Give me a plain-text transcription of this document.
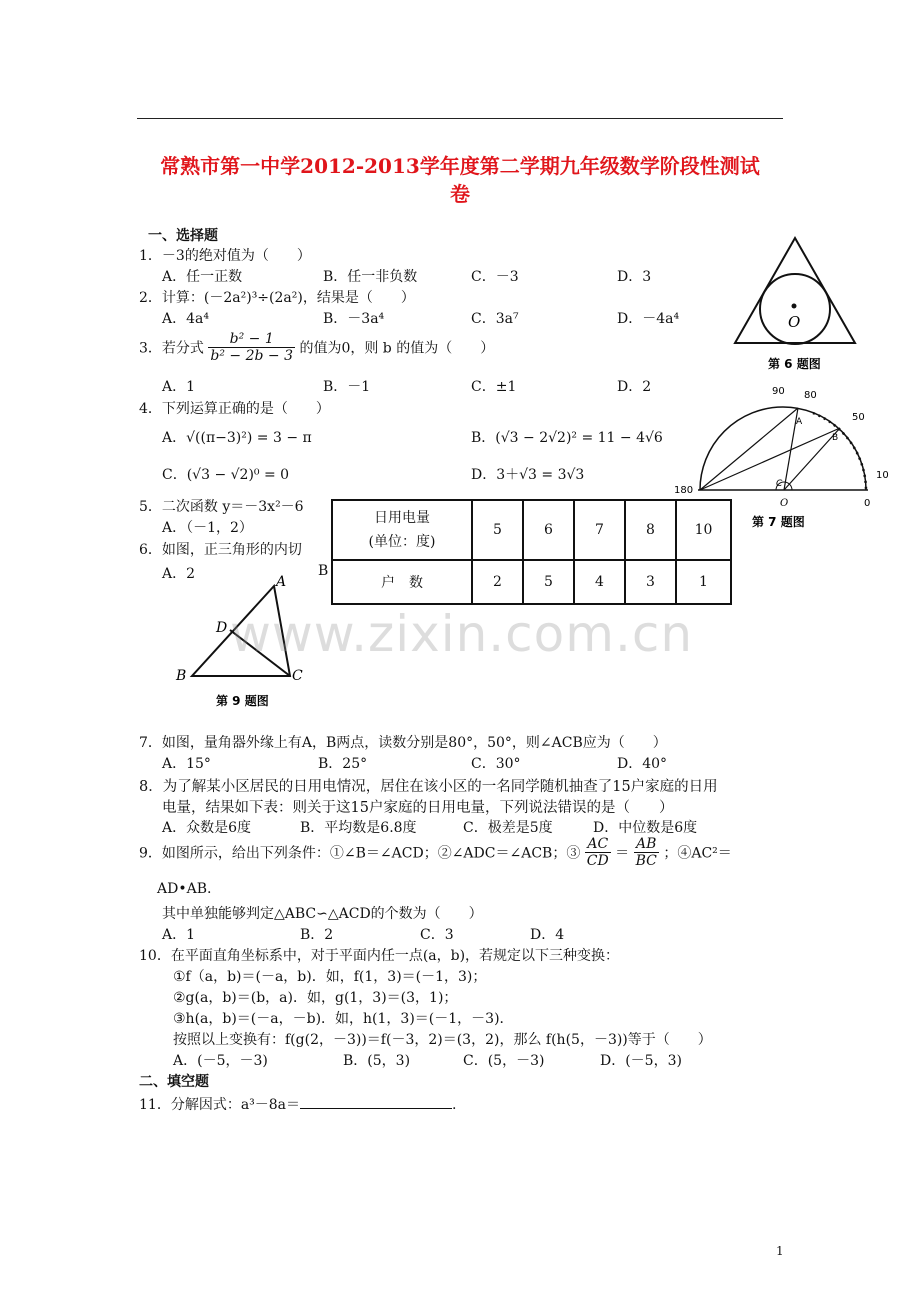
常熟市第一中学2012-2013学年度第二学期九年级数学阶段性测试
卷
一、选择题
1．－3的绝对值为（　　）
A．任一正数	B．任一非负数	C．－3	D．3
2．计算：(－2a²)³÷(2a²)，结果是（　　）
A．4a⁴	B．－3a⁴	C．3a⁷	D．－4a⁴
3．若分式 $\frac{\text{b² − 1}}{\text{b² − 2b − 3}}$ 的值为0，则 b 的值为（　　）
A．1	B．－1	C．±1	D．2
4．下列运算正确的是（　　）
A．√((π−3)²) = 3 − π	B．(√3 − 2√2)² = 11 − 4√6
C．(√3 − √2)⁰ = 0	D．3＋√3 = 3√3
5．二次函数 y＝－3x²－6
A．（－1，2）
6．如图，正三角形的内切
A．2	B
日用电量
(单位：度)	5	6	7	8	10
户　数	2	5	4	3	1
O
第 6 题图
90 80
50
10
0
180
A
B
C
O
第 7 题图
A
B	C
D
第 9 题图
www.zixin.com.cn
7．如图，量角器外缘上有A，B两点，读数分别是80°，50°，则∠ACB应为（　　）
A．15°	B．25°	C．30°	D．40°
8．为了解某小区居民的日用电情况，居住在该小区的一名同学随机抽查了15户家庭的日用
电量，结果如下表：则关于这15户家庭的日用电量，下列说法错误的是（　　）
A．众数是6度	B．平均数是6.8度	C．极差是5度	D．中位数是6度
9．如图所示，给出下列条件：①∠B＝∠ACD；②∠ADC＝∠ACB；③ $\frac{AC}{CD} = \frac{AB}{BC}$ ；④AC²＝
AD•AB.
其中单独能够判定△ABC∽△ACD的个数为（　　）
A．1	B．2	C．3	D．4
10．在平面直角坐标系中，对于平面内任一点(a，b)，若规定以下三种变换：
①f（a，b)＝(－a，b)．如，f(1，3)＝(－1，3)；
②g(a，b)＝(b，a)．如，g(1，3)＝(3，1)；
③h(a，b)＝(－a，－b)．如，h(1，3)＝(－1，－3)．
按照以上变换有：f(g(2，－3))＝f(－3，2)＝(3，2)，那么 f(h(5，－3))等于（　　）
A．(－5，－3)	B．(5，3)	C．(5，－3)	D．(－5，3)
二、填空题
11．分解因式：a³－8a＝	.
1
